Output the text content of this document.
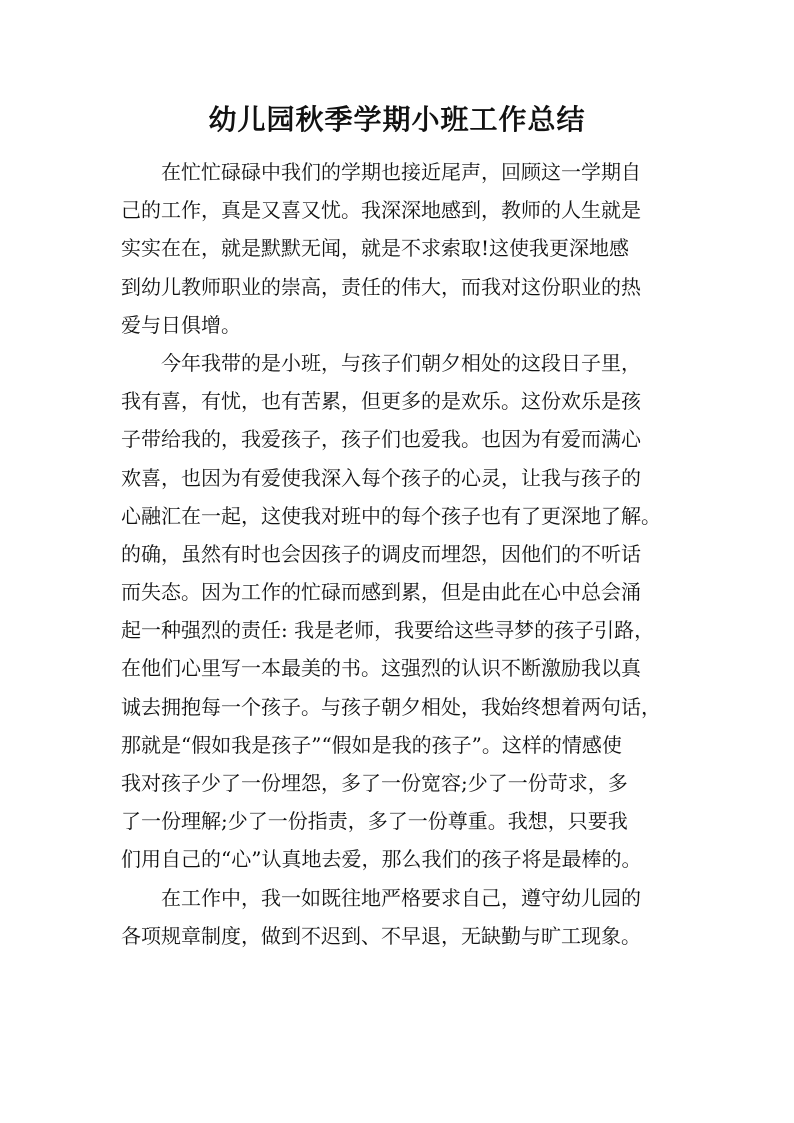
幼儿园秋季学期小班工作总结
在忙忙碌碌中我们的学期也接近尾声，回顾这一学期自
己的工作，真是又喜又忧。我深深地感到，教师的人生就是
实实在在，就是默默无闻，就是不求索取!这使我更深地感
到幼儿教师职业的崇高，责任的伟大，而我对这份职业的热
爱与日俱增。
今年我带的是小班，与孩子们朝夕相处的这段日子里，
我有喜，有忧，也有苦累，但更多的是欢乐。这份欢乐是孩
子带给我的，我爱孩子，孩子们也爱我。也因为有爱而满心
欢喜，也因为有爱使我深入每个孩子的心灵，让我与孩子的
心融汇在一起，这使我对班中的每个孩子也有了更深地了解。
的确，虽然有时也会因孩子的调皮而埋怨，因他们的不听话
而失态。因为工作的忙碌而感到累，但是由此在心中总会涌
起一种强烈的责任: 我是老师，我要给这些寻梦的孩子引路，
在他们心里写一本最美的书。这强烈的认识不断激励我以真
诚去拥抱每一个孩子。与孩子朝夕相处，我始终想着两句话，
那就是“假如我是孩子”“假如是我的孩子”。这样的情感使
我对孩子少了一份埋怨，多了一份宽容;少了一份苛求，多
了一份理解;少了一份指责，多了一份尊重。我想，只要我
们用自己的“心”认真地去爱，那么我们的孩子将是最棒的。
在工作中，我一如既往地严格要求自己，遵守幼儿园的
各项规章制度，做到不迟到、不早退，无缺勤与旷工现象。
